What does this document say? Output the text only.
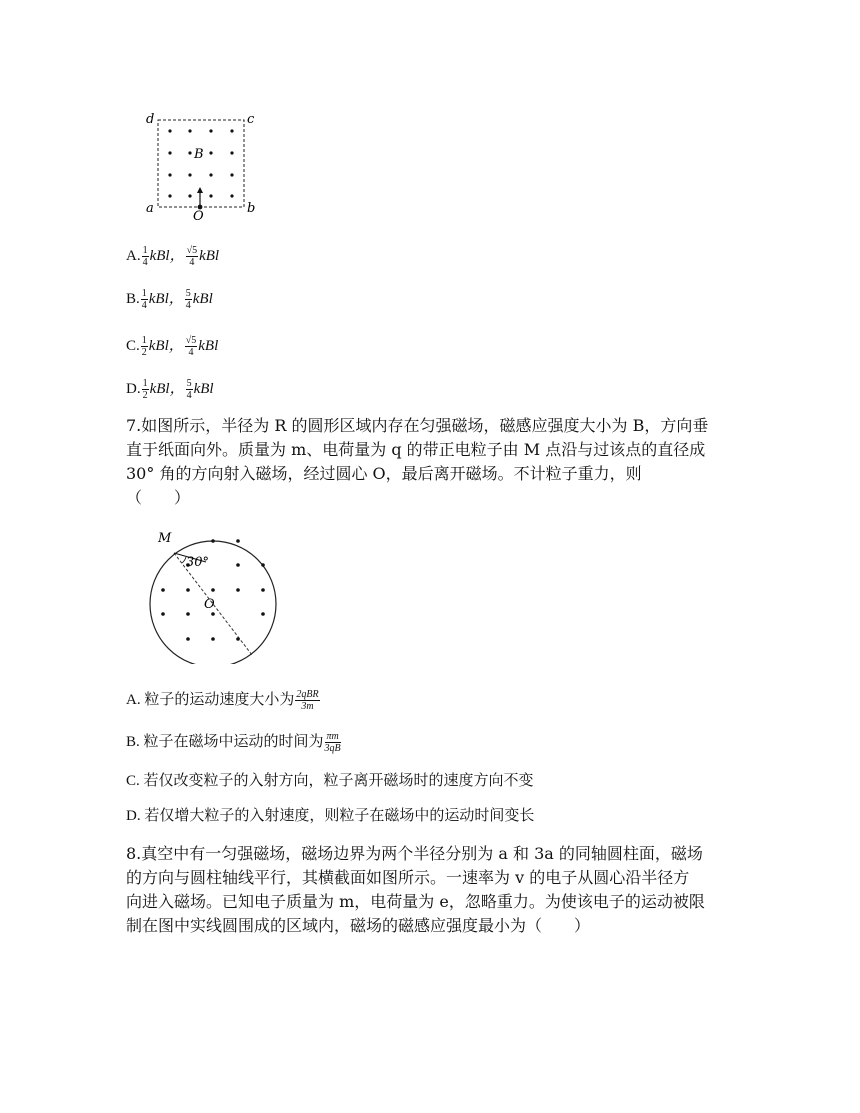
d	c
a	b
B
O
A. $\frac{1}{4}$ kBl， $\frac{√5}{4}$ kBl
B. $\frac{1}{4}$ kBl， $\frac{5}{4}$ kBl
C. $\frac{1}{2}$ kBl， $\frac{√5}{4}$ kBl
D. $\frac{1}{2}$ kBl， $\frac{5}{4}$ kBl

7.如图所示，半径为 R 的圆形区域内存在匀强磁场，磁感应强度大小为 B，方向垂

直于纸面向外。质量为 m、电荷量为 q 的带正电粒子由 M 点沿与过该点的直径成

30° 角的方向射入磁场，经过圆心 O，最后离开磁场。不计粒子重力，则

（　　）

M
30°
O
A. 粒子的运动速度大小为 $\frac{\text{2qBR}}{3m}$
B. 粒子在磁场中运动的时间为 $\frac{\pi m}{3qB}$
C. 若仅改变粒子的入射方向，粒子离开磁场时的速度方向不变
D. 若仅增大粒子的入射速度，则粒子在磁场中的运动时间变长

8.真空中有一匀强磁场，磁场边界为两个半径分别为 a 和 3a 的同轴圆柱面，磁场

的方向与圆柱轴线平行，其横截面如图所示。一速率为 v 的电子从圆心沿半径方

向进入磁场。已知电子质量为 m，电荷量为 e，忽略重力。为使该电子的运动被限

制在图中实线圆围成的区域内，磁场的磁感应强度最小为（　　）
